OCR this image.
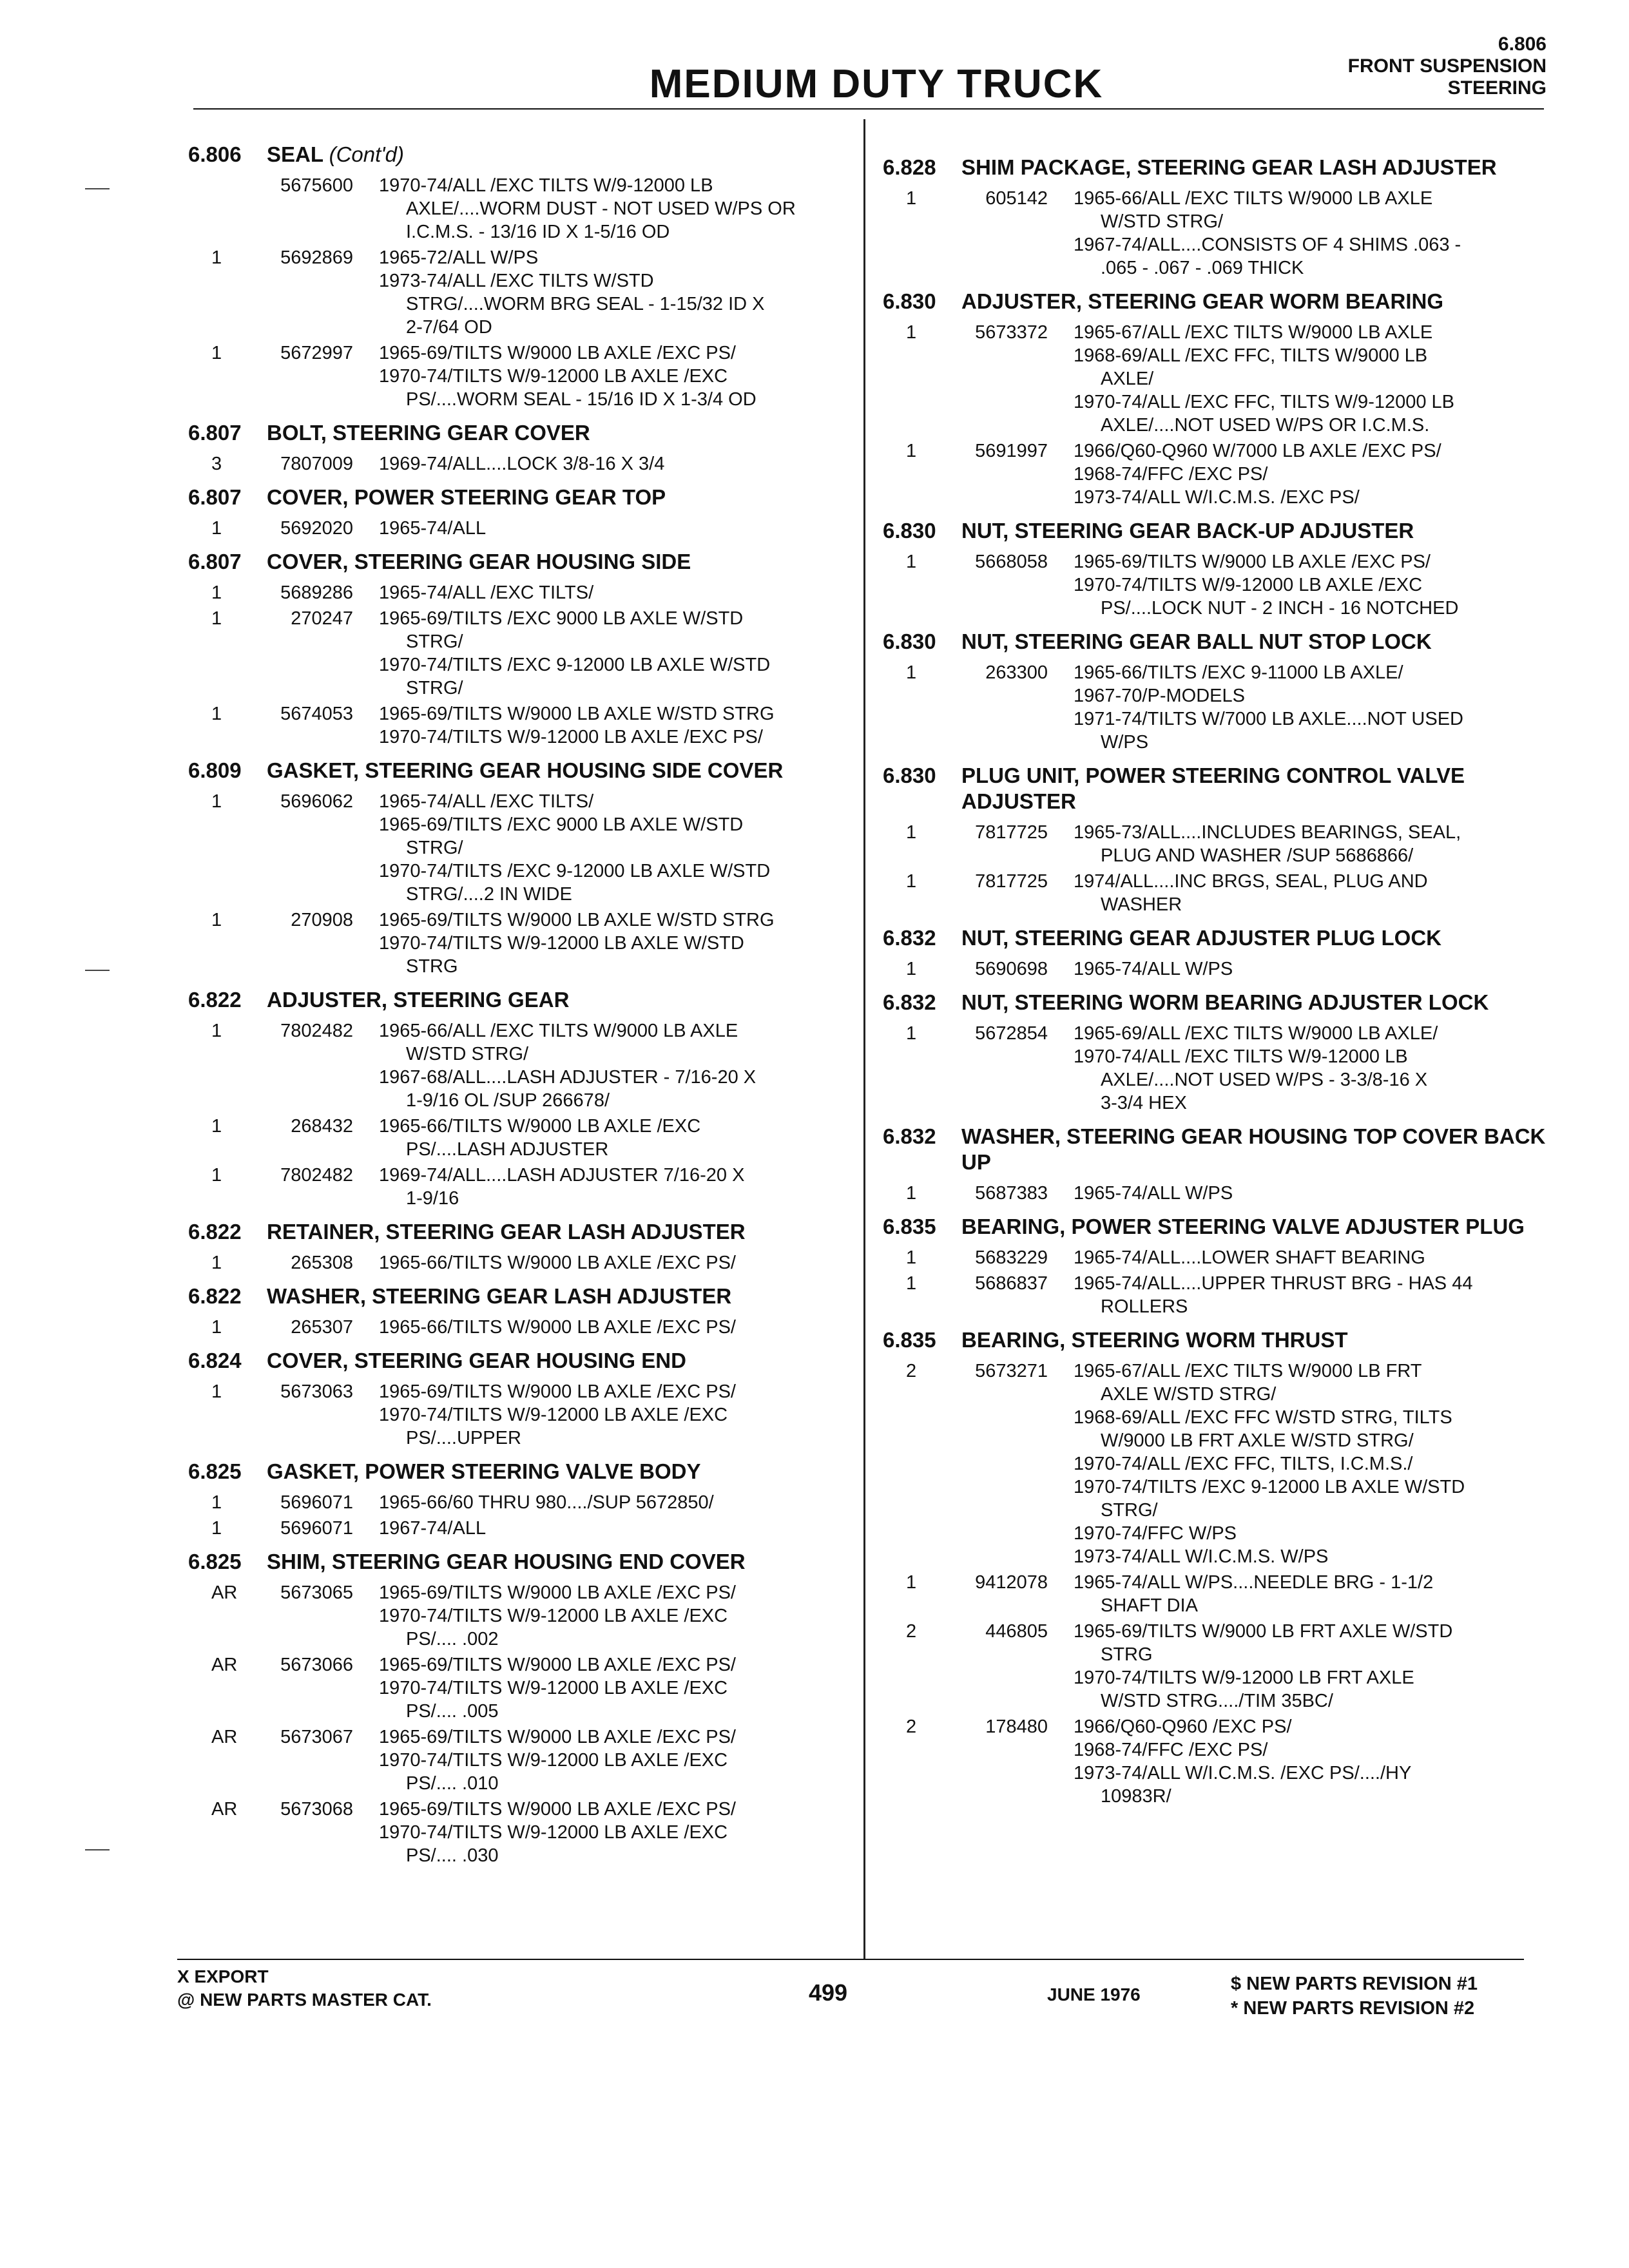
MEDIUM DUTY TRUCK
6.806
FRONT SUSPENSION
STEERING
6.806	SEAL (Cont'd)
5675600	1970-74/ALL /EXC TILTS W/9-12000 LB
AXLE/....WORM DUST - NOT USED W/PS OR
I.C.M.S. - 13/16 ID X 1-5/16 OD
1	5692869	1965-72/ALL W/PS
1973-74/ALL /EXC TILTS W/STD
STRG/....WORM BRG SEAL - 1-15/32 ID X
2-7/64 OD
1	5672997	1965-69/TILTS W/9000 LB AXLE /EXC PS/
1970-74/TILTS W/9-12000 LB AXLE /EXC
PS/....WORM SEAL - 15/16 ID X 1-3/4 OD
6.807	BOLT, STEERING GEAR COVER
3	7807009	1969-74/ALL....LOCK 3/8-16 X 3/4
6.807	COVER, POWER STEERING GEAR TOP
1	5692020	1965-74/ALL
6.807	COVER, STEERING GEAR HOUSING SIDE
1	5689286	1965-74/ALL /EXC TILTS/
1	270247	1965-69/TILTS /EXC 9000 LB AXLE W/STD
STRG/
1970-74/TILTS /EXC 9-12000 LB AXLE W/STD
STRG/
1	5674053	1965-69/TILTS W/9000 LB AXLE W/STD STRG
1970-74/TILTS W/9-12000 LB AXLE /EXC PS/
6.809	GASKET, STEERING GEAR HOUSING SIDE COVER
1	5696062	1965-74/ALL /EXC TILTS/
1965-69/TILTS /EXC 9000 LB AXLE W/STD
STRG/
1970-74/TILTS /EXC 9-12000 LB AXLE W/STD
STRG/....2 IN WIDE
1	270908	1965-69/TILTS W/9000 LB AXLE W/STD STRG
1970-74/TILTS W/9-12000 LB AXLE W/STD
STRG
6.822	ADJUSTER, STEERING GEAR
1	7802482	1965-66/ALL /EXC TILTS W/9000 LB AXLE
W/STD STRG/
1967-68/ALL....LASH ADJUSTER - 7/16-20 X
1-9/16 OL /SUP 266678/
1	268432	1965-66/TILTS W/9000 LB AXLE /EXC
PS/....LASH ADJUSTER
1	7802482	1969-74/ALL....LASH ADJUSTER 7/16-20 X
1-9/16
6.822	RETAINER, STEERING GEAR LASH ADJUSTER
1	265308	1965-66/TILTS W/9000 LB AXLE /EXC PS/
6.822	WASHER, STEERING GEAR LASH ADJUSTER
1	265307	1965-66/TILTS W/9000 LB AXLE /EXC PS/
6.824	COVER, STEERING GEAR HOUSING END
1	5673063	1965-69/TILTS W/9000 LB AXLE /EXC PS/
1970-74/TILTS W/9-12000 LB AXLE /EXC
PS/....UPPER
6.825	GASKET, POWER STEERING VALVE BODY
1	5696071	1965-66/60 THRU 980..../SUP 5672850/
1	5696071	1967-74/ALL
6.825	SHIM, STEERING GEAR HOUSING END COVER
AR	5673065	1965-69/TILTS W/9000 LB AXLE /EXC PS/
1970-74/TILTS W/9-12000 LB AXLE /EXC
PS/.... .002
AR	5673066	1965-69/TILTS W/9000 LB AXLE /EXC PS/
1970-74/TILTS W/9-12000 LB AXLE /EXC
PS/.... .005
AR	5673067	1965-69/TILTS W/9000 LB AXLE /EXC PS/
1970-74/TILTS W/9-12000 LB AXLE /EXC
PS/.... .010
AR	5673068	1965-69/TILTS W/9000 LB AXLE /EXC PS/
1970-74/TILTS W/9-12000 LB AXLE /EXC
PS/.... .030
6.828	SHIM PACKAGE, STEERING GEAR LASH ADJUSTER
1	605142	1965-66/ALL /EXC TILTS W/9000 LB AXLE
W/STD STRG/
1967-74/ALL....CONSISTS OF 4 SHIMS .063 -
.065 - .067 - .069 THICK
6.830	ADJUSTER, STEERING GEAR WORM BEARING
1	5673372	1965-67/ALL /EXC TILTS W/9000 LB AXLE
1968-69/ALL /EXC FFC, TILTS W/9000 LB
AXLE/
1970-74/ALL /EXC FFC, TILTS W/9-12000 LB
AXLE/....NOT USED W/PS OR I.C.M.S.
1	5691997	1966/Q60-Q960 W/7000 LB AXLE /EXC PS/
1968-74/FFC /EXC PS/
1973-74/ALL W/I.C.M.S. /EXC PS/
6.830	NUT, STEERING GEAR BACK-UP ADJUSTER
1	5668058	1965-69/TILTS W/9000 LB AXLE /EXC PS/
1970-74/TILTS W/9-12000 LB AXLE /EXC
PS/....LOCK NUT - 2 INCH - 16 NOTCHED
6.830	NUT, STEERING GEAR BALL NUT STOP LOCK
1	263300	1965-66/TILTS /EXC 9-11000 LB AXLE/
1967-70/P-MODELS
1971-74/TILTS W/7000 LB AXLE....NOT USED
W/PS
6.830	PLUG UNIT, POWER STEERING CONTROL VALVE ADJUSTER
1	7817725	1965-73/ALL....INCLUDES BEARINGS, SEAL,
PLUG AND WASHER /SUP 5686866/
1	7817725	1974/ALL....INC BRGS, SEAL, PLUG AND
WASHER
6.832	NUT, STEERING GEAR ADJUSTER PLUG LOCK
1	5690698	1965-74/ALL W/PS
6.832	NUT, STEERING WORM BEARING ADJUSTER LOCK
1	5672854	1965-69/ALL /EXC TILTS W/9000 LB AXLE/
1970-74/ALL /EXC TILTS W/9-12000 LB
AXLE/....NOT USED W/PS - 3-3/8-16 X
3-3/4 HEX
6.832	WASHER, STEERING GEAR HOUSING TOP COVER BACK UP
1	5687383	1965-74/ALL W/PS
6.835	BEARING, POWER STEERING VALVE ADJUSTER PLUG
1	5683229	1965-74/ALL....LOWER SHAFT BEARING
1	5686837	1965-74/ALL....UPPER THRUST BRG - HAS 44
ROLLERS
6.835	BEARING, STEERING WORM THRUST
2	5673271	1965-67/ALL /EXC TILTS W/9000 LB FRT
AXLE W/STD STRG/
1968-69/ALL /EXC FFC W/STD STRG, TILTS
W/9000 LB FRT AXLE W/STD STRG/
1970-74/ALL /EXC FFC, TILTS, I.C.M.S./
1970-74/TILTS /EXC 9-12000 LB AXLE W/STD
STRG/
1970-74/FFC W/PS
1973-74/ALL W/I.C.M.S. W/PS
1	9412078	1965-74/ALL W/PS....NEEDLE BRG - 1-1/2
SHAFT DIA
2	446805	1965-69/TILTS W/9000 LB FRT AXLE W/STD
STRG
1970-74/TILTS W/9-12000 LB FRT AXLE
W/STD STRG..../TIM 35BC/
2	178480	1966/Q60-Q960 /EXC PS/
1968-74/FFC /EXC PS/
1973-74/ALL W/I.C.M.S. /EXC PS/..../HY
10983R/
X EXPORT
@ NEW PARTS MASTER CAT.	499	JUNE 1976
$ NEW PARTS REVISION #1
* NEW PARTS REVISION #2
